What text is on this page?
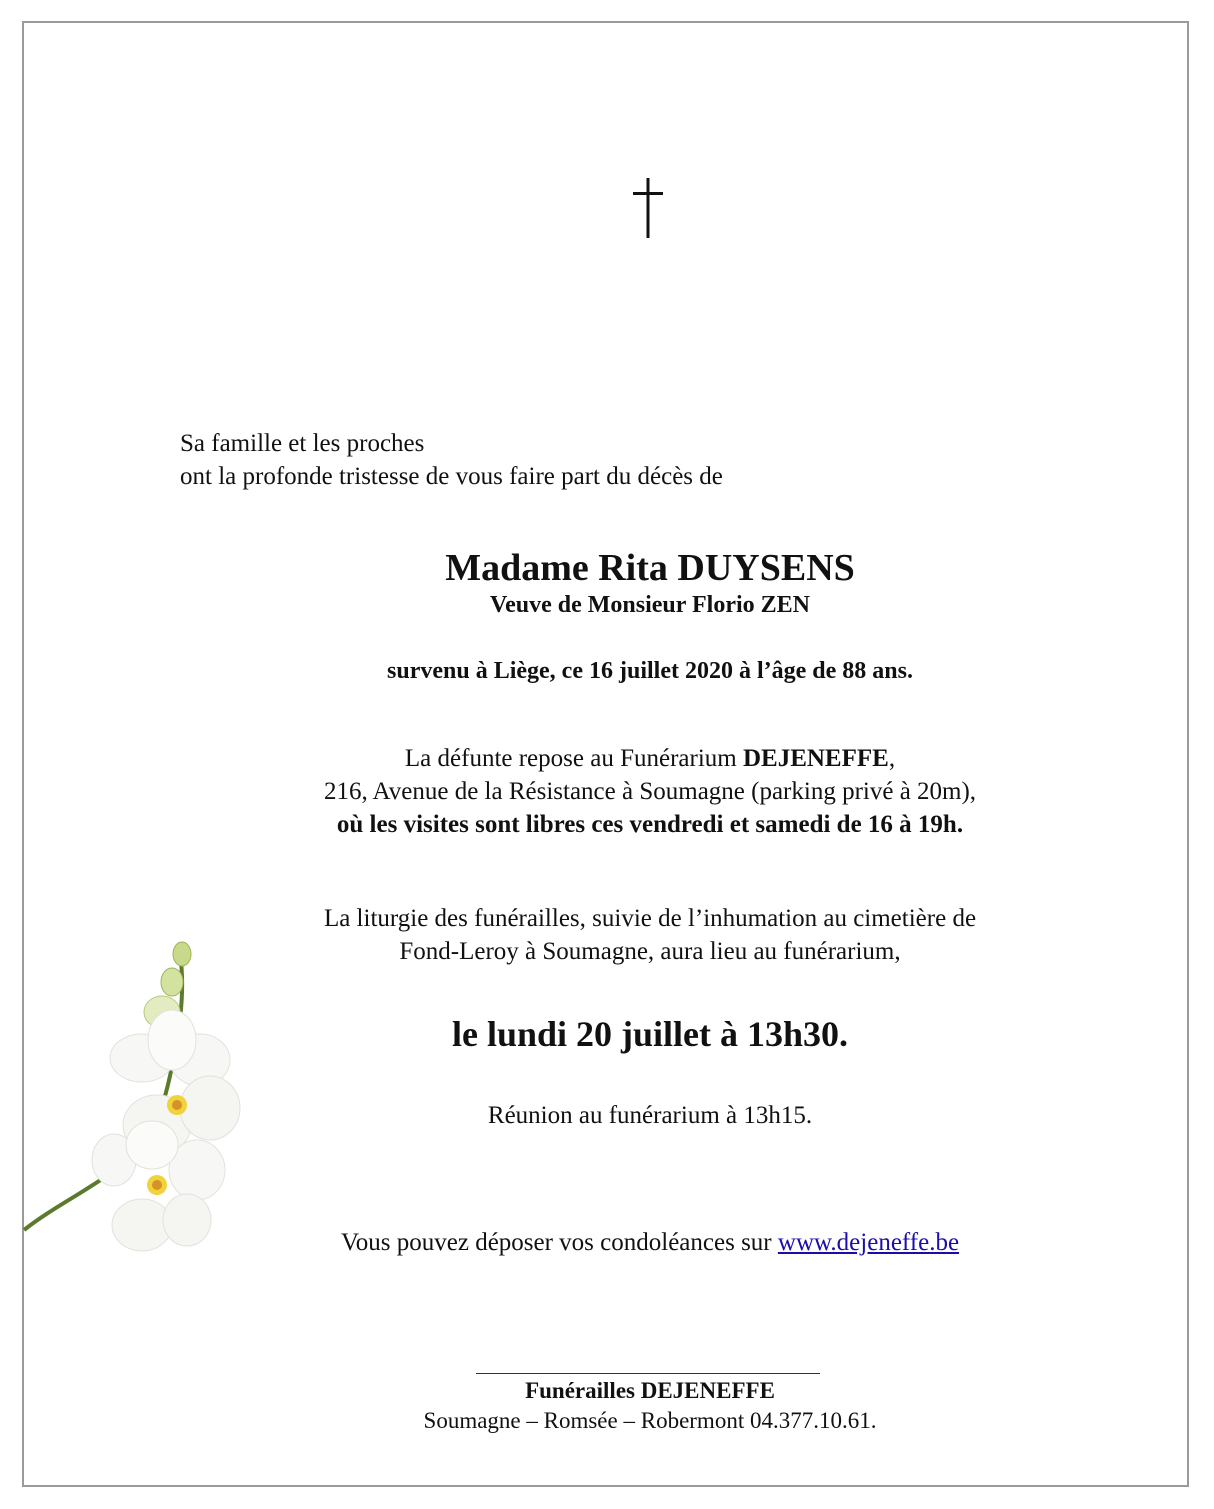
Sa famille et les proches
ont la profonde tristesse de vous faire part du décès de
Madame Rita DUYSENS
Veuve de Monsieur Florio ZEN
survenu à Liège, ce 16 juillet 2020 à l’âge de 88 ans.
La défunte repose au Funérarium DEJENEFFE,
216, Avenue de la Résistance à Soumagne (parking privé à 20m),
où les visites sont libres ces vendredi et samedi de 16 à 19h.
La liturgie des funérailles, suivie de l’inhumation au cimetière de
Fond-Leroy à Soumagne, aura lieu au funérarium,
le lundi 20 juillet à 13h30.
Réunion au funérarium à 13h15.
Vous pouvez déposer vos condoléances sur www.dejeneffe.be
Funérailles DEJENEFFE
Soumagne – Romsée – Robermont 04.377.10.61.
